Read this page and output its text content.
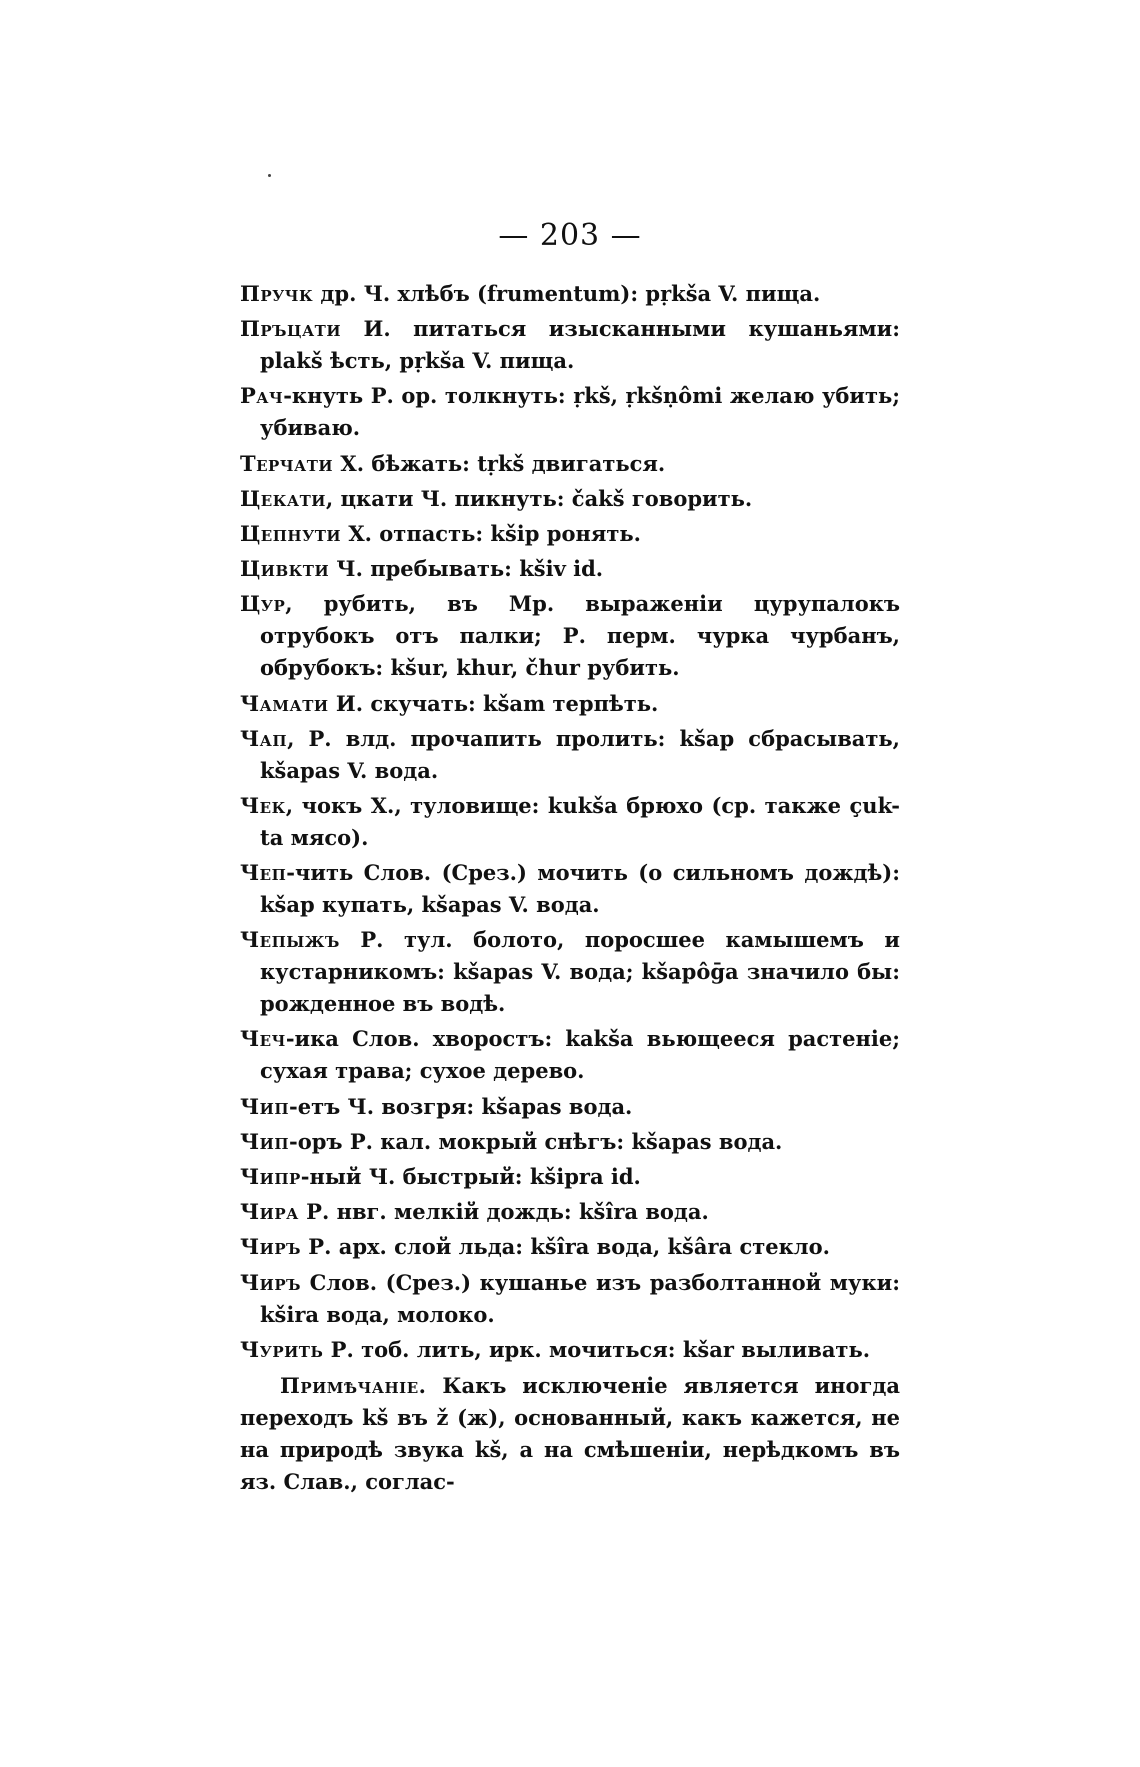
— 203 —

Пручк др. Ч. хлѣбъ (frumentum): pṛkša V. пища.

Пръцати И. питаться изысканными кушаньями: plakš ѣсть, pṛkša V. пища.

Рач-кнуть Р. ор. толкнуть: ṛkš, ṛkšṇômi желаю убить; убиваю.

Терчати Х. бѣжать: tṛkš двигаться.

Цекати, цкати Ч. пикнуть: čakš говорить.

Цепнути Х. отпасть: kšip ронять.

Цивкти Ч. пребывать: kšiv id.

Цур, рубить, въ Мр. выраженіи цурупалокъ отрубокъ отъ палки; Р. перм. чурка чурбанъ, обрубокъ: kšur, khur, čhur рубить.

Чамати И. скучать: kšam терпѣть.

Чап, Р. влд. прочапить пролить: kšap сбрасывать, kšapas V. вода.

Чек, чокъ Х., туловище: kukša брюхо (ср. также çuk-ta мясо).

Чеп-чить Слов. (Срез.) мочить (о сильномъ дождѣ): kšap купать, kšapas V. вода.

Чепыжъ Р. тул. болото, поросшее камышемъ и кустарникомъ: kšapas V. вода; kšapôḡa значило бы: рожденное въ водѣ.

Чеч-ика Слов. хворостъ: kakša вьющееся растеніе; сухая трава; сухое дерево.

Чип-етъ Ч. возгря: kšapas вода.

Чип-оръ Р. кал. мокрый снѣгъ: kšapas вода.

Чипр-ный Ч. быстрый: kšipra id.

Чира Р. нвг. мелкій дождь: kšîra вода.

Чиръ Р. арх. слой льда: kšîra вода, kšâra стекло.

Чиръ Слов. (Срез.) кушанье изъ разболтанной муки: kšira вода, молоко.

Чурить Р. тоб. лить, ирк. мочиться: kšar выливать.

Примѣчаніе. Какъ исключеніе является иногда переходъ kš въ ž (ж), основанный, какъ кажется, не на природѣ звука kš, а на смѣшеніи, нерѣдкомъ въ яз. Слав., соглас-
